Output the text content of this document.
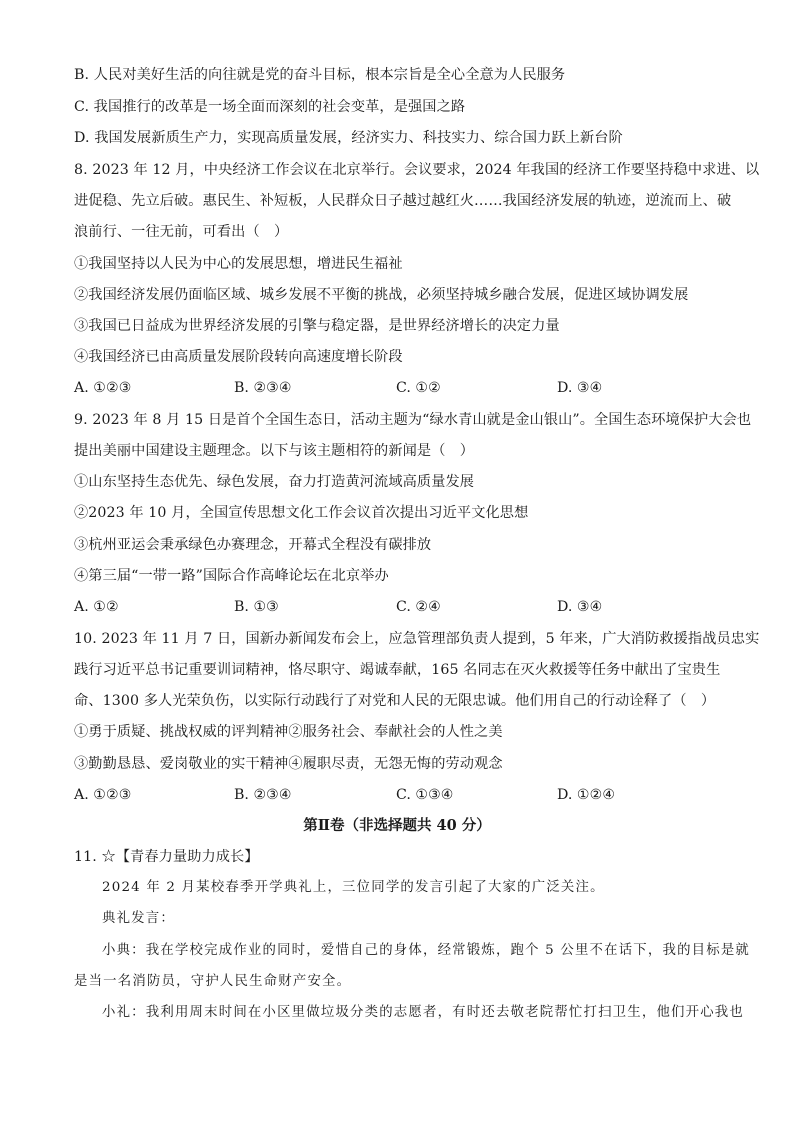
B. 人民对美好生活的向往就是党的奋斗目标，根本宗旨是全心全意为人民服务
C. 我国推行的改革是一场全面而深刻的社会变革，是强国之路
D. 我国发展新质生产力，实现高质量发展，经济实力、科技实力、综合国力跃上新台阶
8. 2023 年 12 月，中央经济工作会议在北京举行。会议要求，2024 年我国的经济工作要坚持稳中求进、以
进促稳、先立后破。惠民生、补短板，人民群众日子越过越红火……我国经济发展的轨迹，逆流而上、破
浪前行、一往无前，可看出（　）
①我国坚持以人民为中心的发展思想，增进民生福祉
②我国经济发展仍面临区域、城乡发展不平衡的挑战，必须坚持城乡融合发展，促进区域协调发展
③我国已日益成为世界经济发展的引擎与稳定器，是世界经济增长的决定力量
④我国经济已由高质量发展阶段转向高速度增长阶段
A. ①②③	B. ②③④	C. ①②	D. ③④
9. 2023 年 8 月 15 日是首个全国生态日，活动主题为“绿水青山就是金山银山”。全国生态环境保护大会也
提出美丽中国建设主题理念。以下与该主题相符的新闻是（　）
①山东坚持生态优先、绿色发展，奋力打造黄河流域高质量发展
②2023 年 10 月，全国宣传思想文化工作会议首次提出习近平文化思想
③杭州亚运会秉承绿色办赛理念，开幕式全程没有碳排放
④第三届“一带一路”国际合作高峰论坛在北京举办
A. ①②	B. ①③	C. ②④	D. ③④
10. 2023 年 11 月 7 日，国新办新闻发布会上，应急管理部负责人提到，5 年来，广大消防救援指战员忠实
践行习近平总书记重要训词精神，恪尽职守、竭诚奉献，165 名同志在灭火救援等任务中献出了宝贵生
命、1300 多人光荣负伤，以实际行动践行了对党和人民的无限忠诚。他们用自己的行动诠释了（　）
①勇于质疑、挑战权威的评判精神②服务社会、奉献社会的人性之美
③勤勤恳恳、爱岗敬业的实干精神④履职尽责，无怨无悔的劳动观念
A. ①②③	B. ②③④	C. ①③④	D. ①②④
第Ⅱ卷（非选择题共 40 分）
11. ☆【青春力量助力成长】
2024 年 2 月某校春季开学典礼上，三位同学的发言引起了大家的广泛关注。
典礼发言：
小典：我在学校完成作业的同时，爱惜自己的身体，经常锻炼，跑个 5 公里不在话下，我的目标是就
是当一名消防员，守护人民生命财产安全。
小礼：我利用周末时间在小区里做垃圾分类的志愿者，有时还去敬老院帮忙打扫卫生，他们开心我也
